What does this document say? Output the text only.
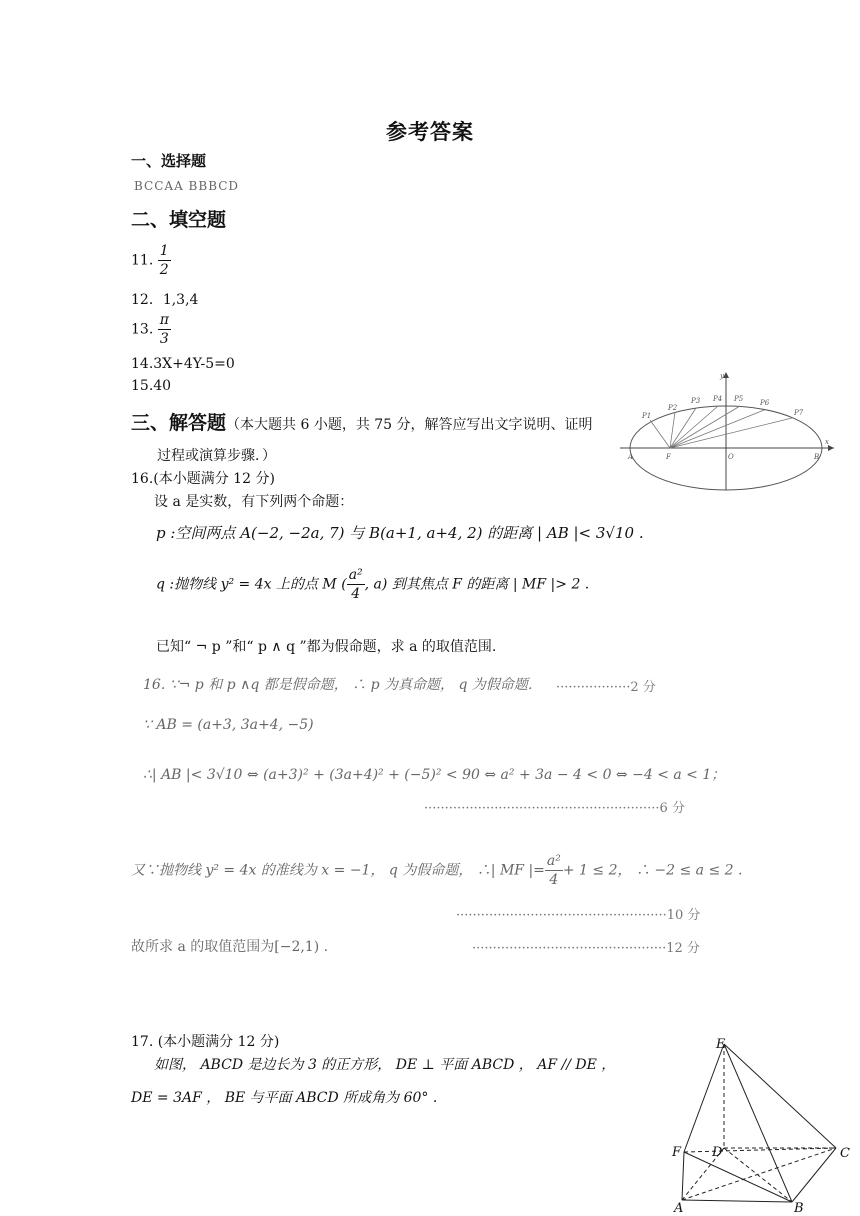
参考答案
一、选择题
BCCAA BBBCD
二、填空题
11. $\frac{1}{2}$
12．1,3,4
13. $\frac{\pi}{3}$
14.3X+4Y-5=0
15.40
三、解答题（本大题共 6 小题，共 75 分，解答应写出文字说明、证明
过程或演算步骤．）
y
x
A	F	O	B
P1
P2
P3 P4 P5 P6
P7
16.(本小题满分 12 分)
设 a 是实数，有下列两个命题：
p :空间两点 A(−2, −2a, 7) 与 B(a+1, a+4, 2) 的距离 | AB |< 3√10 .
q :抛物线 y² = 4x 上的点 M ( $\frac{\text{a²}}{4}$ , a) 到其焦点 F 的距离 | MF |> 2 .
已知“ ¬ p ”和“ p ∧ q ”都为假命题，求 a 的取值范围.
16. ∵¬ p 和 p ∧q 都是假命题， ∴ p 为真命题， q 为假命题． ··················2 分
∵ AB = (a+3, 3a+4, −5)
∴| AB |< 3√10 ⇔ (a+3)² + (3a+4)² + (−5)² < 90 ⇔ a² + 3a − 4 < 0 ⇔ −4 < a < 1；
·························································6 分
又∵抛物线 y² = 4x 的准线为 x = −1， q 为假命题， ∴| MF |= $\frac{\text{a²}}{4} + 1 \le 2$， ∴ −2 ≤ a ≤ 2 .
···················································10 分
故所求 a 的取值范围为[−2,1) .	···············································12 分
17. (本小题满分 12 分)
如图， ABCD 是边长为 3 的正方形， DE ⊥ 平面 ABCD ， AF // DE ，
DE = 3AF ， BE 与平面 ABCD 所成角为 60° .
E
F D	C
A	B
